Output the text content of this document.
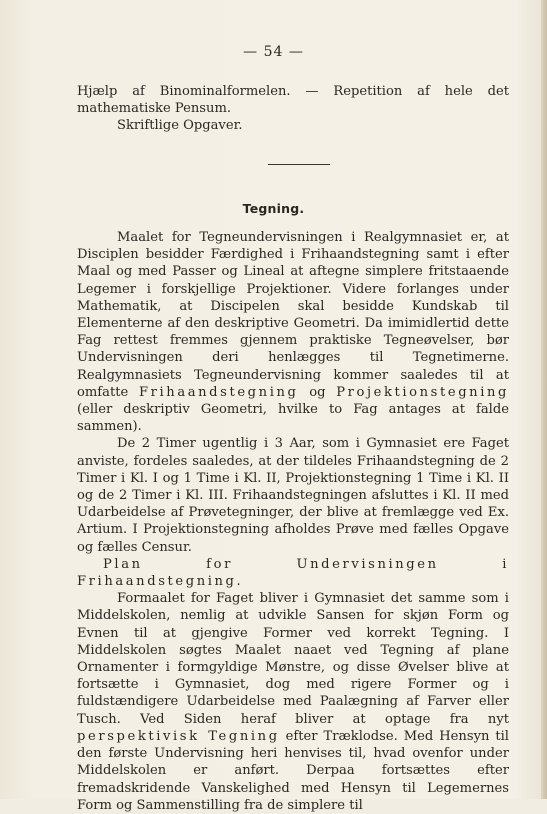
— 54 —

Hjælp af Binominalformelen. — Repetition af hele det mathematiske Pensum.

Skriftlige Opgaver.

Tegning.

Maalet for Tegneundervisningen i Realgymnasiet er, at Disciplen besidder Færdighed i Frihaandstegning samt i efter Maal og med Passer og Lineal at aftegne simplere fritstaaende Legemer i forskjellige Projektioner. Videre forlanges under Mathematik, at Discipelen skal besidde Kundskab til Elementerne af den deskriptive Geometri. Da imimidlertid dette Fag rettest fremmes gjennem praktiske Tegneøvelser, bør Undervisningen deri henlægges til Tegnetimerne. Realgymnasiets Tegneundervisning kommer saaledes til at omfatte Frihaandstegning og Projektionstegning (eller deskriptiv Geometri, hvilke to Fag antages at falde sammen).

De 2 Timer ugentlig i 3 Aar, som i Gymnasiet ere Faget anviste, fordeles saaledes, at der tildeles Frihaandstegning de 2 Timer i Kl. I og 1 Time i Kl. II, Projektionstegning 1 Time i Kl. II og de 2 Timer i Kl. III. Frihaandstegningen afsluttes i Kl. II med Udarbeidelse af Prøvetegninger, der blive at fremlægge ved Ex. Artium. I Projektionstegning afholdes Prøve med fælles Opgave og fælles Censur.

Plan for Undervisningen i Frihaandstegning.

Formaalet for Faget bliver i Gymnasiet det samme som i Middelskolen, nemlig at udvikle Sansen for skjøn Form og Evnen til at gjengive Former ved korrekt Tegning. I Middelskolen søgtes Maalet naaet ved Tegning af plane Ornamenter i formgyldige Mønstre, og disse Øvelser blive at fortsætte i Gymnasiet, dog med rigere Former og i fuldstændigere Udarbeidelse med Paalægning af Farver eller Tusch. Ved Siden heraf bliver at optage fra nyt perspektivisk Tegning efter Træklodse. Med Hensyn til den første Undervisning heri henvises til, hvad ovenfor under Middelskolen er anført. Derpaa fortsættes efter fremadskridende Vanskelighed med Hensyn til Legemernes Form og Sammenstilling fra de simplere til
